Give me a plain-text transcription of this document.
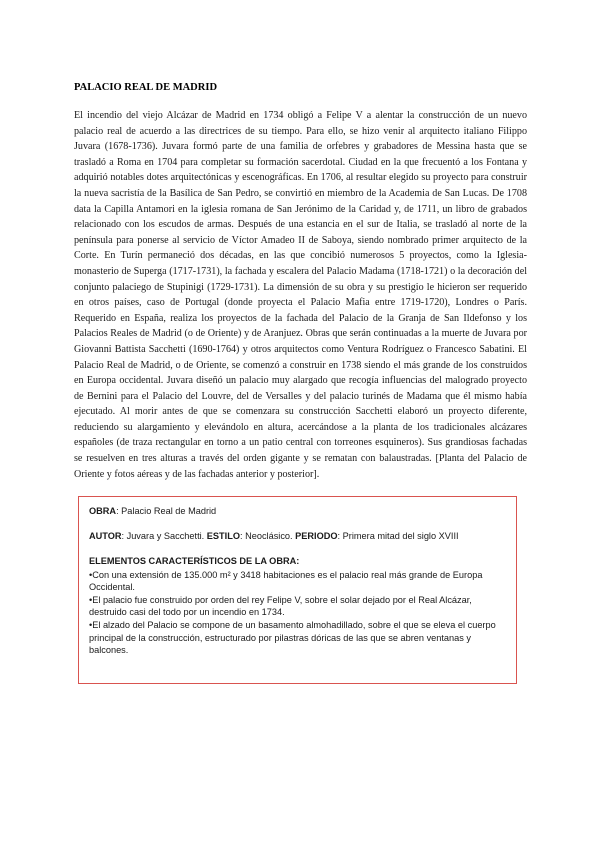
PALACIO REAL DE MADRID

El incendio del viejo Alcázar de Madrid en 1734 obligó a Felipe V a alentar la construcción de un nuevo palacio real de acuerdo a las directrices de su tiempo. Para ello, se hizo venir al arquitecto italiano Filippo Juvara (1678-1736). Juvara formó parte de una familia de orfebres y grabadores de Messina hasta que se trasladó a Roma en 1704 para completar su formación sacerdotal. Ciudad en la que frecuentó a los Fontana y adquirió notables dotes arquitectónicas y escenográficas. En 1706, al resultar elegido su proyecto para construir la nueva sacristía de la Basílica de San Pedro, se convirtió en miembro de la Academia de San Lucas. De 1708 data la Capilla Antamori en la iglesia romana de San Jerónimo de la Caridad y, de 1711, un libro de grabados relacionado con los escudos de armas. Después de una estancia en el sur de Italia, se trasladó al norte de la península para ponerse al servicio de Víctor Amadeo II de Saboya, siendo nombrado primer arquitecto de la Corte. En Turín permaneció dos décadas, en las que concibió numerosos 5 proyectos, como la Iglesia-monasterio de Superga (1717-1731), la fachada y escalera del Palacio Madama (1718-1721) o la decoración del conjunto palaciego de Stupinigi (1729-1731). La dimensión de su obra y su prestigio le hicieron ser requerido en otros países, caso de Portugal (donde proyecta el Palacio Mafia entre 1719-1720), Londres o París. Requerido en España, realiza los proyectos de la fachada del Palacio de la Granja de San Ildefonso y los Palacios Reales de Madrid (o de Oriente) y de Aranjuez. Obras que serán continuadas a la muerte de Juvara por Giovanni Battista Sacchetti (1690-1764) y otros arquitectos como Ventura Rodríguez o Francesco Sabatini. El Palacio Real de Madrid, o de Oriente, se comenzó a construir en 1738 siendo el más grande de los construidos en Europa occidental. Juvara diseñó un palacio muy alargado que recogía influencias del malogrado proyecto de Bernini para el Palacio del Louvre, del de Versalles y del palacio turinés de Madama que él mismo había ejecutado. Al morir antes de que se comenzara su construcción Sacchetti elaboró un proyecto diferente, reduciendo su alargamiento y elevándolo en altura, acercándose a la planta de los tradicionales alcázares españoles (de traza rectangular en torno a un patio central con torreones esquineros). Sus grandiosas fachadas se resuelven en tres alturas a través del orden gigante y se rematan con balaustradas. [Planta del Palacio de Oriente y fotos aéreas y de las fachadas anterior y posterior].

OBRA: Palacio Real de Madrid

AUTOR: Juvara y Sacchetti. ESTILO: Neoclásico. PERIODO: Primera mitad del siglo XVIII

ELEMENTOS CARACTERÍSTICOS DE LA OBRA:

•Con una extensión de 135.000 m² y 3418 habitaciones es el palacio real más grande de Europa Occidental.
•El palacio fue construido por orden del rey Felipe V, sobre el solar dejado por el Real Alcázar, destruido casi del todo por un incendio en 1734.
•El alzado del Palacio se compone de un basamento almohadillado, sobre el que se eleva el cuerpo principal de la construcción, estructurado por pilastras dóricas de las que se abren ventanas y balcones.
